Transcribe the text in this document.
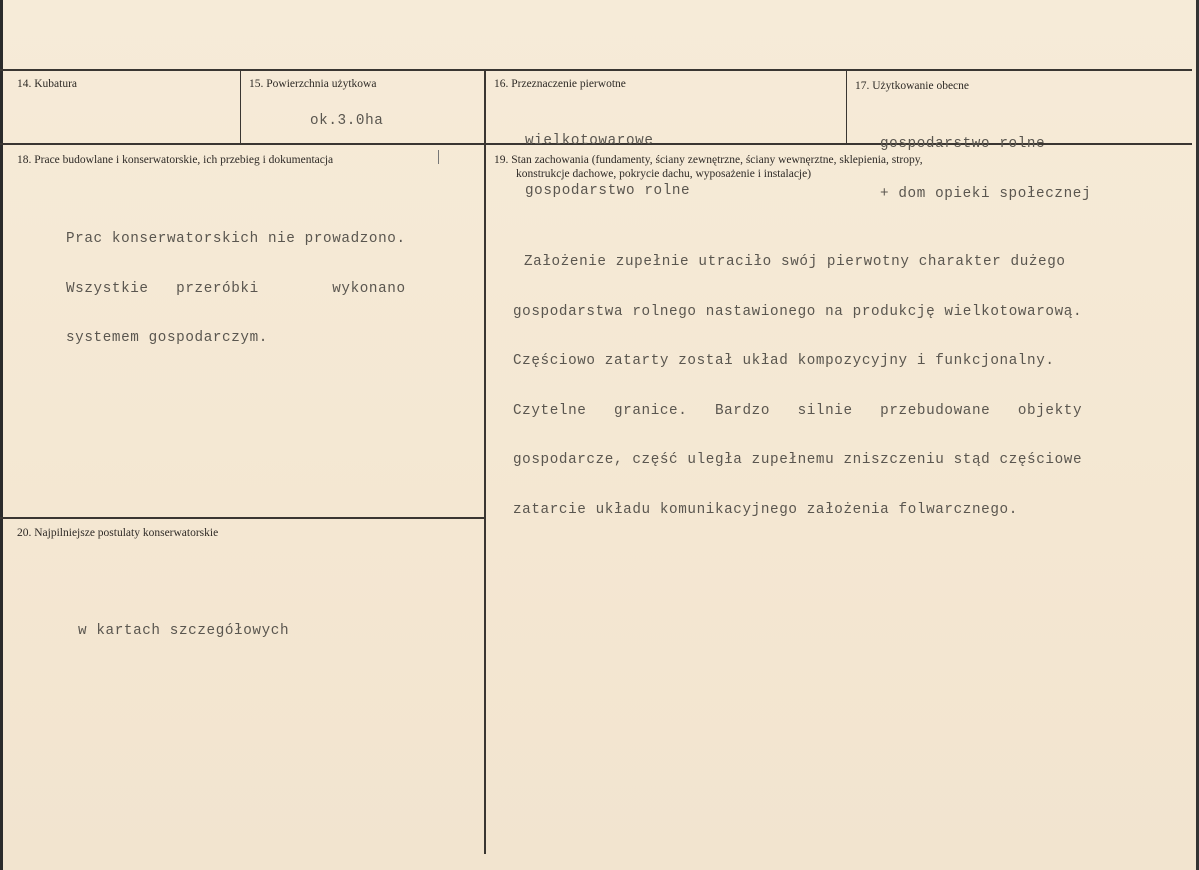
14. Kubatura

	15. Powierzchnia użytkowa
ok.3.0ha
16. Przeznaczenie pierwotne

wielkotowarowe

gospodarstwo rolne

17. Użytkowanie obecne

gospodarstwo rolne

+ dom opieki społecznej

18. Prace budowlane i konserwatorskie, ich przebieg i dokumentacja

Prac konserwatorskich nie prowadzono.

Wszystkie   przeróbki        wykonano

systemem gospodarczym.

19. Stan zachowania (fundamenty, ściany zewnętrzne, ściany wewnęrztne, sklepienia, stropy,
konstrukcje dachowe, pokrycie dachu, wyposażenie i instalacje)

Założenie zupełnie utraciło swój pierwotny charakter dużego

gospodarstwa rolnego nastawionego na produkcję wielkotowarową.

Częściowo zatarty został układ kompozycyjny i funkcjonalny.

Czytelne   granice.   Bardzo   silnie   przebudowane   objekty

gospodarcze, część uległa zupełnemu zniszczeniu stąd częściowe

zatarcie układu komunikacyjnego założenia folwarcznego.

20. Najpilniejsze postulaty konserwatorskie
w kartach szczegółowych
